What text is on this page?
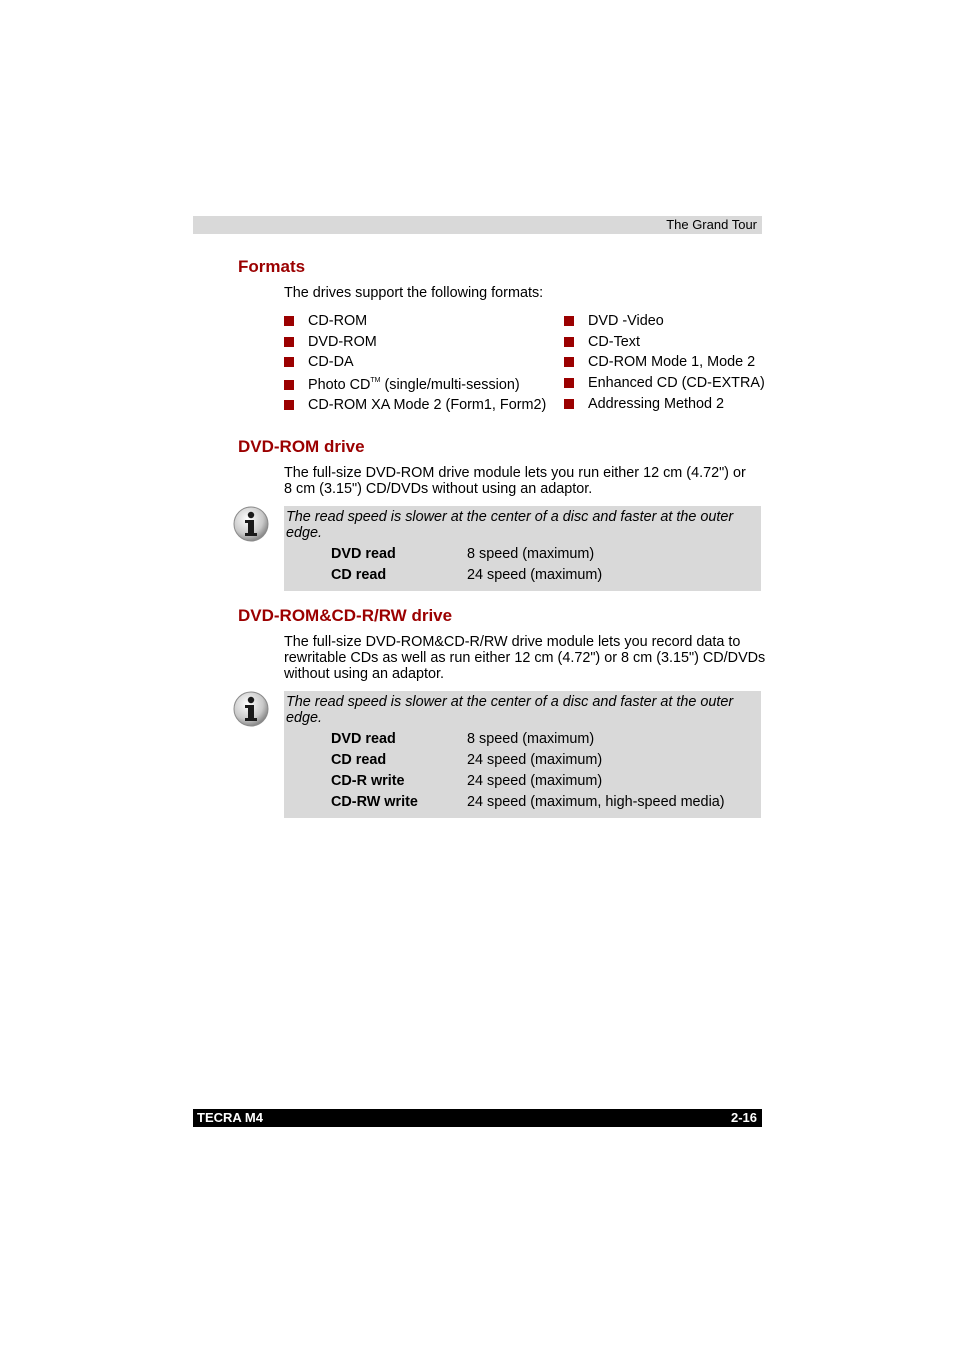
The Grand Tour
Formats
The drives support the following formats:
CD-ROM
DVD-ROM
CD-DA
Photo CD™ (single/multi-session)
CD-ROM XA Mode 2 (Form1, Form2)
DVD -Video
CD-Text
CD-ROM Mode 1, Mode 2
Enhanced CD (CD-EXTRA)
Addressing Method 2
DVD-ROM drive
The full-size DVD-ROM drive module lets you run either 12 cm (4.72") or
8 cm (3.15") CD/DVDs without using an adaptor.
The read speed is slower at the center of a disc and faster at the outer
edge.
DVD read	8 speed (maximum)
CD read	24 speed (maximum)
DVD-ROM&CD-R/RW drive
The full-size DVD-ROM&CD-R/RW drive module lets you record data to
rewritable CDs as well as run either 12 cm (4.72") or 8 cm (3.15") CD/DVDs
without using an adaptor.
The read speed is slower at the center of a disc and faster at the outer
edge.
DVD read	8 speed (maximum)
CD read	24 speed (maximum)
CD-R write	24 speed (maximum)
CD-RW write	24 speed (maximum, high-speed media)
TECRA M4	2-16
